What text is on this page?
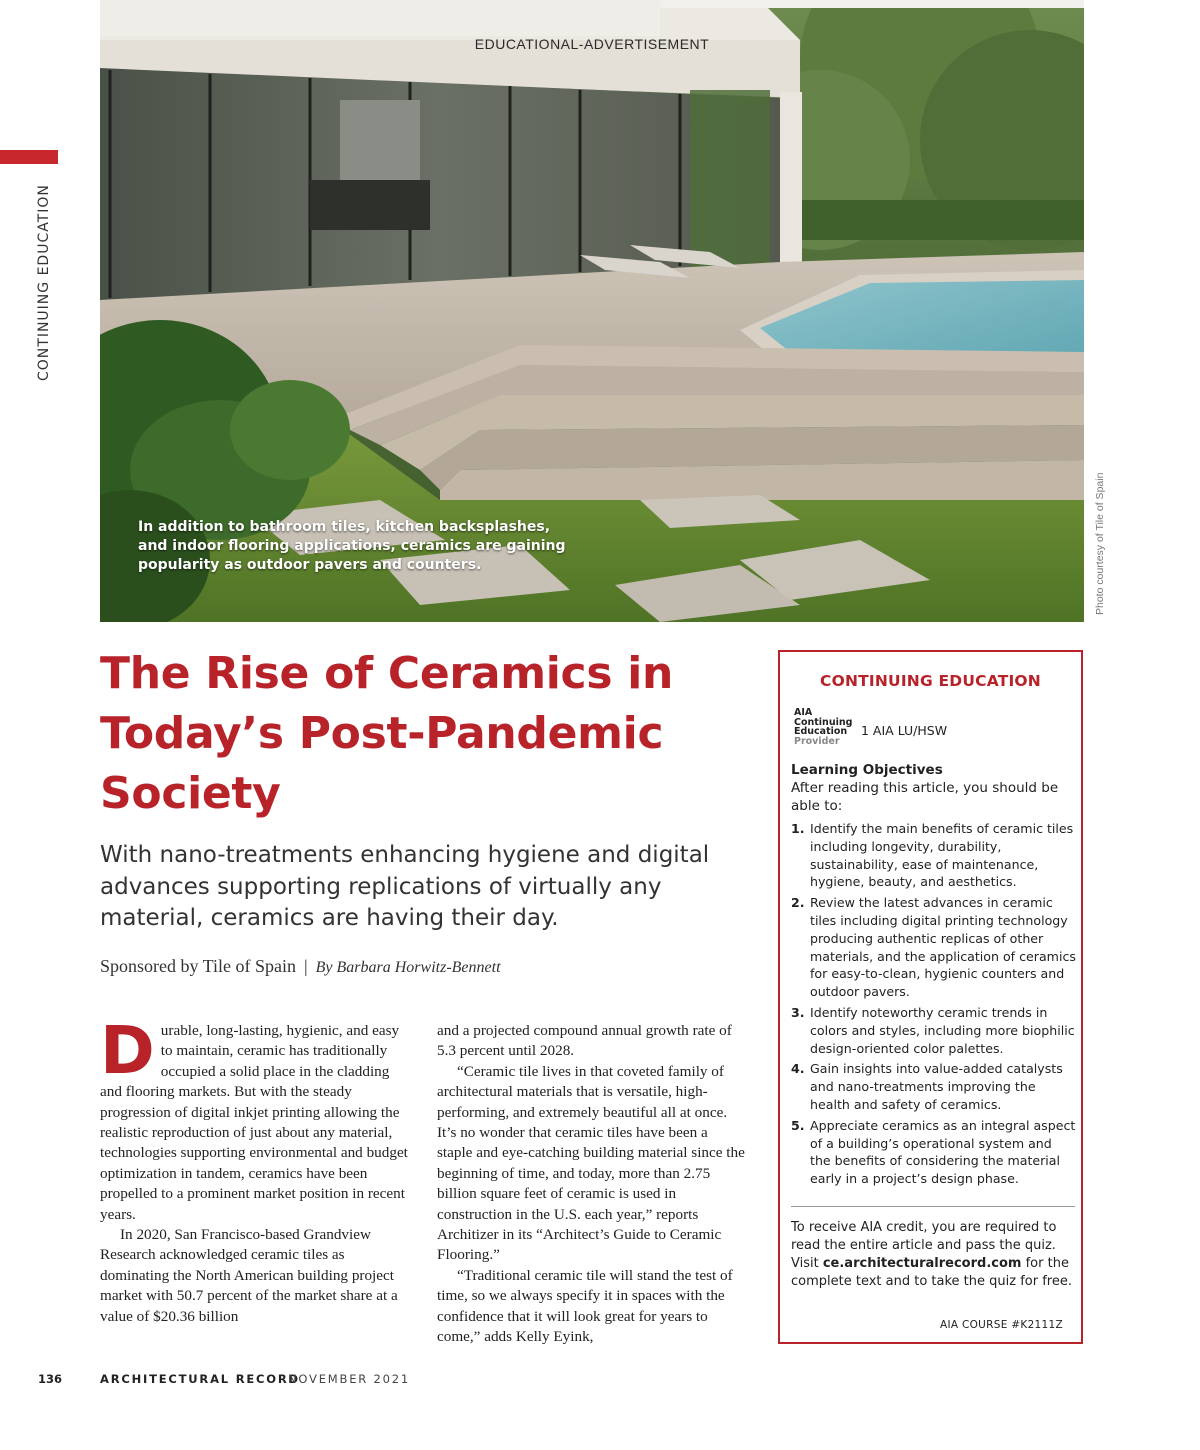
CONTINUING EDUCATION
EDUCATIONAL-ADVERTISEMENT
In addition to bathroom tiles, kitchen backsplashes, and indoor flooring applications, ceramics are gaining popularity as outdoor pavers and counters.	Photo courtesy of Tile of Spain
The Rise of Ceramics in Today’s Post-Pandemic Society

With nano-treatments enhancing hygiene and digital advances supporting replications of virtually any material, ceramics are having their day.

Sponsored by Tile of Spain | By Barbara Horwitz-Bennett

Durable, long-lasting, hygienic, and easy to maintain, ceramic has traditionally occupied a solid place in the cladding and flooring markets. But with the steady progression of digital inkjet printing allowing the realistic reproduction of just about any material, technologies supporting environmental and budget optimization in tandem, ceramics have been propelled to a prominent market position in recent years.

In 2020, San Francisco-based Grandview Research acknowledged ceramic tiles as dominating the North American building project market with 50.7 percent of the market share at a value of $20.36 billion

and a projected compound annual growth rate of 5.3 percent until 2028.

“Ceramic tile lives in that coveted family of architectural materials that is versatile, high-performing, and extremely beautiful all at once. It’s no wonder that ceramic tiles have been a staple and eye-catching building material since the beginning of time, and today, more than 2.75 billion square feet of ceramic is used in construction in the U.S. each year,” reports Architizer in its “Architect’s Guide to Ceramic Flooring.”

“Traditional ceramic tile will stand the test of time, so we always specify it in spaces with the confidence that it will look great for years to come,” adds Kelly Eyink,

CONTINUING EDUCATION
AIA
Continuing
Education
Provider
1 AIA LU/HSW
Learning Objectives
After reading this article, you should be able to:
1. Identify the main benefits of ceramic tiles including longevity, durability, sustainability, ease of maintenance, hygiene, beauty, and aesthetics.
2. Review the latest advances in ceramic tiles including digital printing technology producing authentic replicas of other materials, and the application of ceramics for easy-to-clean, hygienic counters and outdoor pavers.
3. Identify noteworthy ceramic trends in colors and styles, including more biophilic design-oriented color palettes.
4. Gain insights into value-added catalysts and nano-treatments improving the health and safety of ceramics.
5. Appreciate ceramics as an integral aspect of a building’s operational system and the benefits of considering the material early in a project’s design phase.
To receive AIA credit, you are required to read the entire article and pass the quiz. Visit ce.architecturalrecord.com for the complete text and to take the quiz for free.
AIA COURSE #K2111Z
136	ARCHITECTURAL RECORD
NOVEMBER 2021
